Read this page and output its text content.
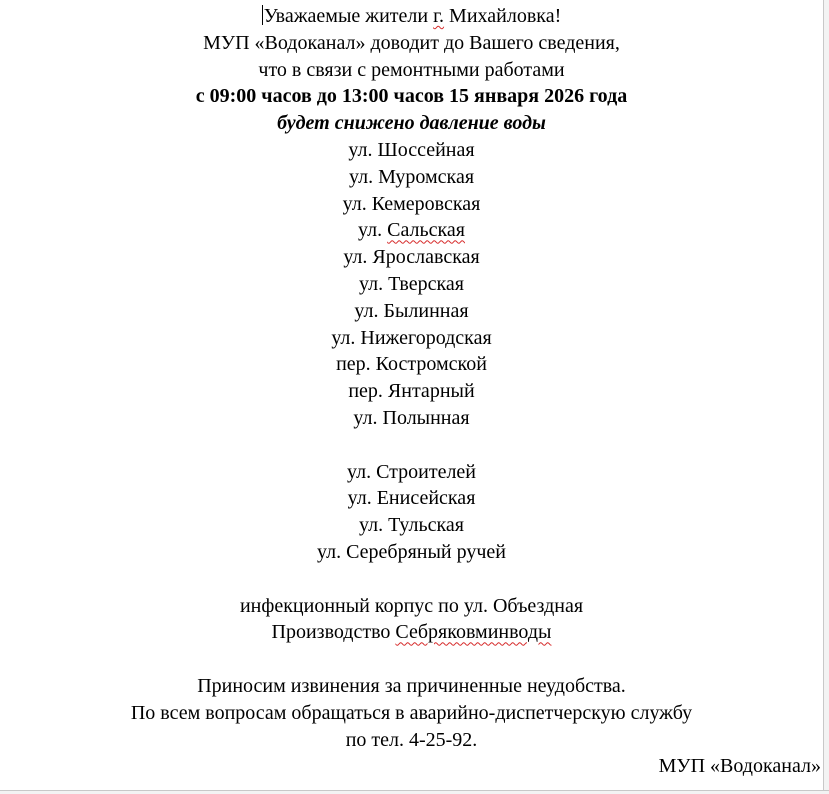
Уважаемые жители г. Михайловка!
МУП «Водоканал» доводит до Вашего сведения,
что в связи с ремонтными работами
с 09:00 часов до 13:00 часов 15 января 2026 года
будет снижено давление воды
ул. Шоссейная
ул. Муромская
ул. Кемеровская
ул. Сальская
ул. Ярославская
ул. Тверская
ул. Былинная
ул. Нижегородская
пер. Костромской
пер. Янтарный
ул. Полынная
ул. Строителей
ул. Енисейская
ул. Тульская
ул. Серебряный ручей
инфекционный корпус по ул. Объездная
Производство Себряковминводы
Приносим извинения за причиненные неудобства.
По всем вопросам обращаться в аварийно-диспетчерскую службу
по тел. 4-25-92.
МУП «Водоканал»
